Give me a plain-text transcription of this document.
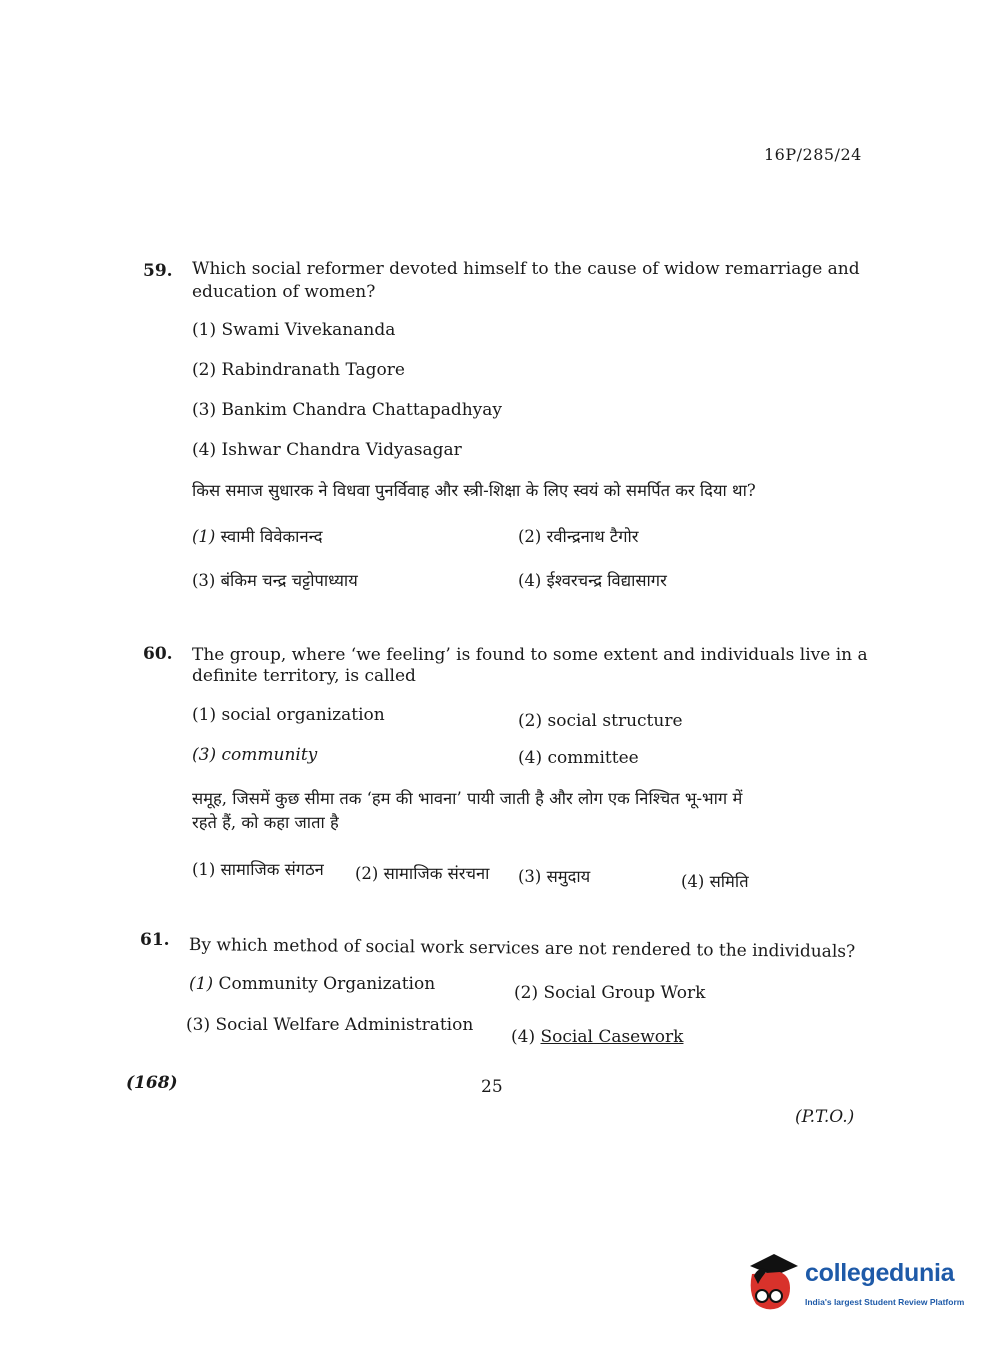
16P/285/24
59. Which social reformer devoted himself to the cause of widow remarriage and
education of women?
(1) Swami Vivekananda
(2) Rabindranath Tagore
(3) Bankim Chandra Chattapadhyay
(4) Ishwar Chandra Vidyasagar
किस समाज सुधारक ने विधवा पुनर्विवाह और स्त्री-शिक्षा के लिए स्वयं को समर्पित कर दिया था?
(1) स्वामी विवेकानन्द	(2) रवीन्द्रनाथ टैगोर
(3) बंकिम चन्द्र चट्टोपाध्याय	(4) ईश्वरचन्द्र विद्यासागर
60. The group, where ‘we feeling’ is found to some extent and individuals live in a
definite territory, is called
(1) social organization	(2) social structure
(3) community	(4) committee
समूह, जिसमें कुछ सीमा तक ‘हम की भावना’ पायी जाती है और लोग एक निश्चित भू-भाग में
रहते हैं, को कहा जाता है
(1) सामाजिक संगठन (2) सामाजिक संरचना (3) समुदाय	(4) समिति
61. By which method of social work services are not rendered to the individuals?
(1) Community Organization	(2) Social Group Work
(3) Social Welfare Administration
(4) Social Casework
(168)	25
(P.T.O.)
collegedunia
India's largest Student Review Platform
